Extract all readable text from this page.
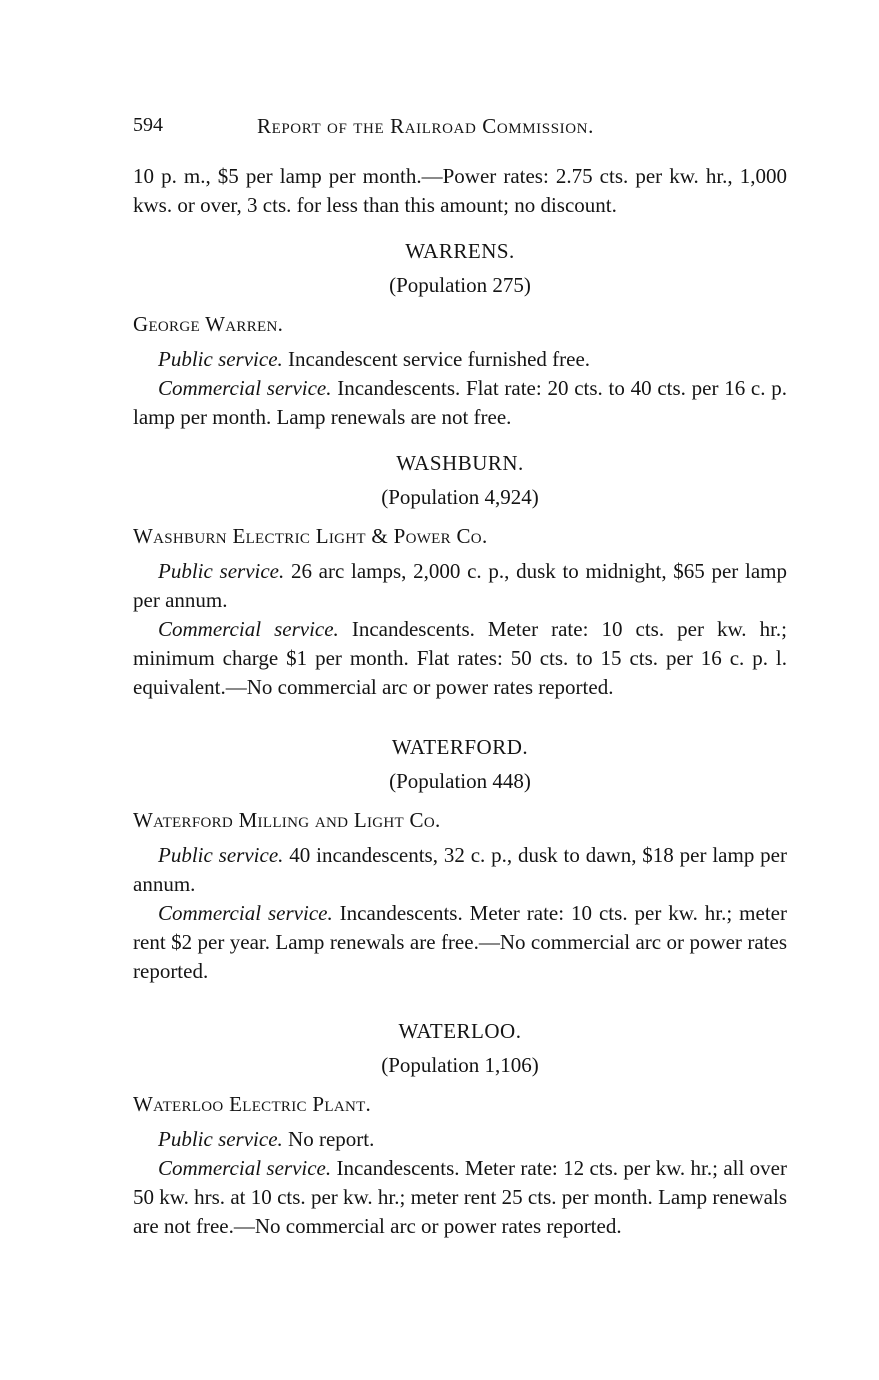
594	Report of the Railroad Commission.

10 p. m., $5 per lamp per month.—Power rates: 2.75 cts. per kw. hr., 1,000 kws. or over, 3 cts. for less than this amount; no discount.

WARRENS.
(Population 275)
George Warren.

Public service. Incandescent service furnished free.

Commercial service. Incandescents. Flat rate: 20 cts. to 40 cts. per 16 c. p. lamp per month. Lamp renewals are not free.

WASHBURN.
(Population 4,924)
Washburn Electric Light & Power Co.

Public service. 26 arc lamps, 2,000 c. p., dusk to midnight, $65 per lamp per annum.

Commercial service. Incandescents. Meter rate: 10 cts. per kw. hr.; minimum charge $1 per month. Flat rates: 50 cts. to 15 cts. per 16 c. p. l. equivalent.—No commercial arc or power rates reported.

WATERFORD.
(Population 448)
Waterford Milling and Light Co.

Public service. 40 incandescents, 32 c. p., dusk to dawn, $18 per lamp per annum.

Commercial service. Incandescents. Meter rate: 10 cts. per kw. hr.; meter rent $2 per year. Lamp renewals are free.—No commercial arc or power rates reported.

WATERLOO.
(Population 1,106)
Waterloo Electric Plant.

Public service. No report.

Commercial service. Incandescents. Meter rate: 12 cts. per kw. hr.; all over 50 kw. hrs. at 10 cts. per kw. hr.; meter rent 25 cts. per month. Lamp renewals are not free.—No commercial arc or power rates reported.
